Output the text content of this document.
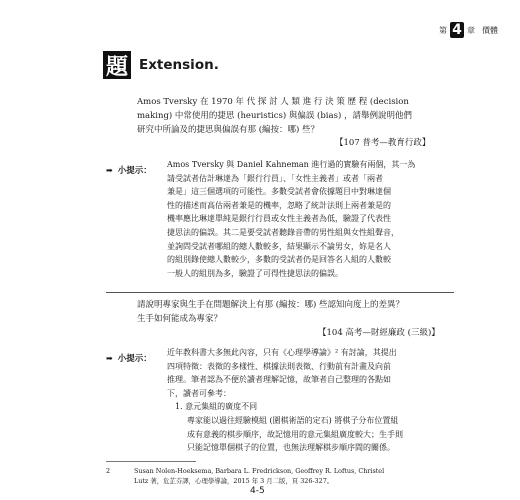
第 4 章 價體
題 Extension.
Amos Tversky 在 1970 年 代 探 討 人 類 進 行 決 策 歷 程 (decision
making) 中常使用的捷思 (heuristics) 與偏誤 (bias) ，請舉例說明他們
研究中所論及的捷思與偏誤有那 (編按：哪) 些？
【107 普考—教育行政】
➡ 小提示：
Amos Tversky 與 Daniel Kahneman 進行過的實驗有兩個，其一為
請受試者估計琳達為「銀行行員」、「女性主義者」或者「兩者
兼是」這三個選項的可能性。多數受試者會依據題目中對琳達個
性的描述而高估兩者兼是的機率，忽略了統計法則上兩者兼是的
機率應比琳達單純是銀行行員或女性主義者為低，驗證了代表性
捷思法的偏誤。其二是要受試者聽錄音帶的男性組與女性組聲音，
並詢問受試者哪組的總人數較多，結果顯示不論男女，妳是名人
的組別錄使總人數較少，多數的受試者仍是回答名人組的人數較
一般人的組別為多，驗證了可得性捷思法的偏誤。
請說明專家與生手在問題解決上有那 (編按：哪) 些認知向度上的差異？
生手如何能成為專家？
【104 高考—財經廉政 (三級)】
➡ 小提示：
近年教科書大多無此內容，只有《心理學導論》² 有討論，其提出
四項特徵：表徵的多樣性、棋據法則表徵、行動前有計畫及向前
推理。筆者認為不便於讀者理解記憶，故筆者自己整理的各點如
下，讀者可參考：
1. 意元集組的廣度不同
專家能以過往經驗模組 (圍棋術語的定石) 將棋子分布位置組
成有意義的棋步順序，故記憶用的意元集組廣度較大；生手則
只能記憶單個棋子的位置，也無法理解棋步順序間的關係。
2	Susan Nolen-Hoeksema, Barbara L. Fredrickson, Geoffrey R. Loftus, Christel
Lutz 著，危芷芬譯，心理學導論，2015 年 3 月二版，頁 326-327。
4-5
